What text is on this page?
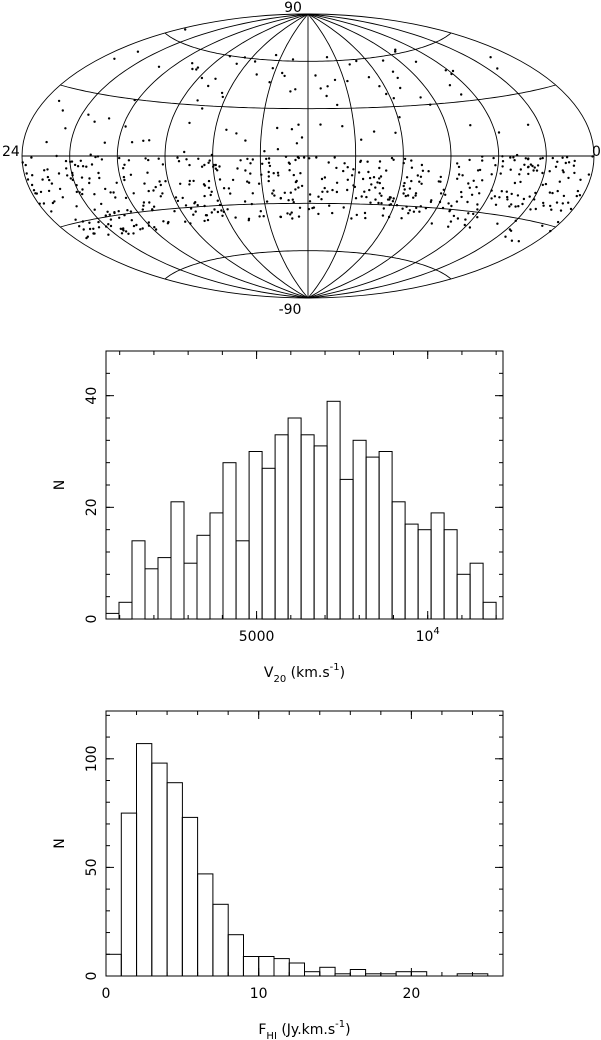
90
-90
24	0
0
20
40
5000	$10^4$
N
$V_{20}$ $(km.s^{-1})$
0
50
100
0	10	20
N
$F_{HI}$ $(Jy.km.s^{-1})$
